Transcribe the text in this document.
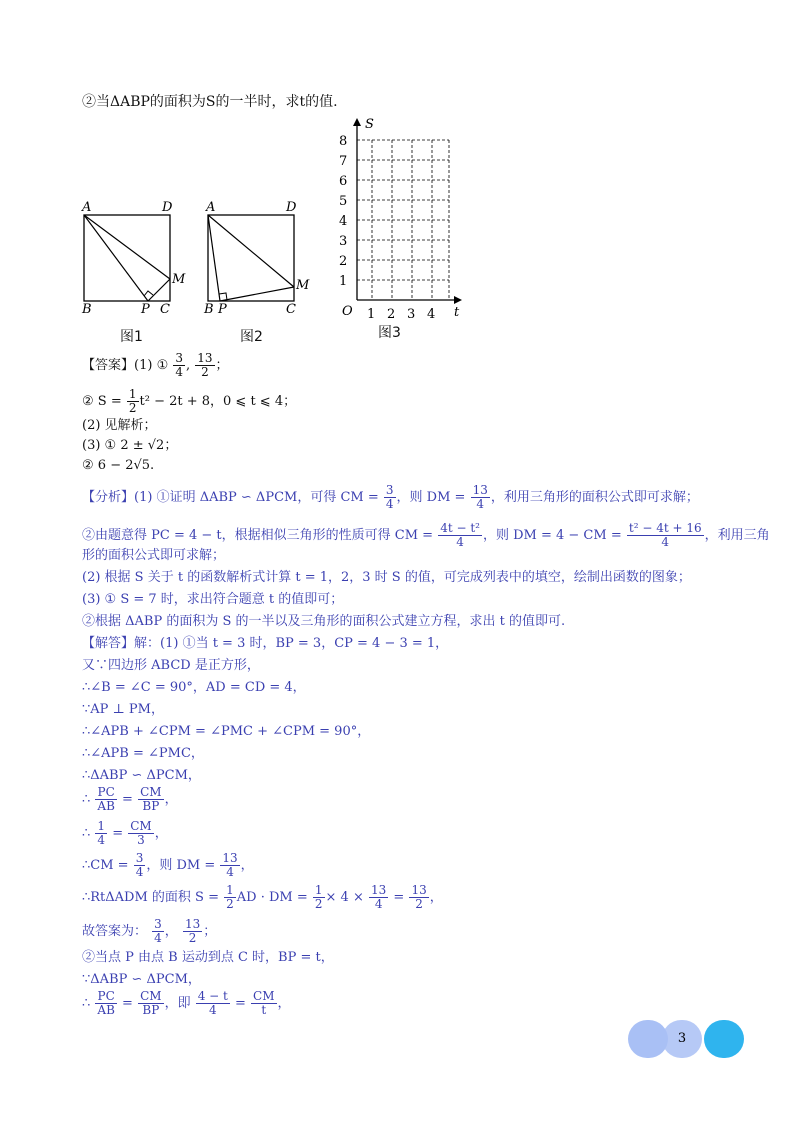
②当ΔABP的面积为S的一半时，求t的值.
A	D
B	P C
M
图1
A	D
B P	C
M
图2
S
t
O
1
2
3
4
5
6
7
8
1 2 3 4
图3
【答案】(1) ① $\frac{3}{4}$ , $\frac{13}{2}$ ；
② $S = \frac{1}{2} t^2 - 2t + 8$，0 ⩽ t ⩽ 4；
(2) 见解析；
(3) ① 2 ± √2；
② 6 − 2√5.
【分析】(1) ①证明 ΔABP ∽ ΔPCM，可得 CM = $\frac{3}{4}$ ，则 DM = $\frac{13}{4}$ ，利用三角形的面积公式即可求解；
②由题意得 PC = 4 − t，根据相似三角形的性质可得 CM = $\frac{\text{4t − t²}}{4}$ ，则 DM = 4 − CM = $\frac{\text{t² − 4t + 16}}{4}$ ，利用三角
形的面积公式即可求解；
(2) 根据 S 关于 t 的函数解析式计算 t = 1，2，3 时 S 的值，可完成列表中的填空，绘制出函数的图象；
(3) ① S = 7 时，求出符合题意 t 的值即可；
②根据 ΔABP 的面积为 S 的一半以及三角形的面积公式建立方程，求出 t 的值即可.
【解答】解：(1) ①当 t = 3 时，BP = 3，CP = 4 − 3 = 1，
又∵四边形 ABCD 是正方形，
∴∠B = ∠C = 90°，AD = CD = 4，
∵AP ⊥ PM，
∴∠APB + ∠CPM = ∠PMC + ∠CPM = 90°，
∴∠APB = ∠PMC，
∴ΔABP ∽ ΔPCM，
∴ $\frac{PC}{AB} = \frac{CM}{BP}$ ，
∴ $\frac{1}{4} = \frac{CM}{3}$ ，
∴CM = $\frac{3}{4}$ ，则 DM = $\frac{13}{4}$ ，
∴RtΔADM 的面积 $S = \frac{1}{2}$ AD · DM = $\frac{1}{2} \times 4 \times \frac{13}{4} = \frac{13}{2}$ ，
故答案为： $\frac{3}{4}$ ， $\frac{13}{2}$ ；
②当点 P 由点 B 运动到点 C 时，BP = t，
∵ΔABP ∽ ΔPCM，
∴ $\frac{PC}{AB} = \frac{CM}{BP}$ ，即 $\frac{4 - t}{4} = \frac{CM}{t}$ ，
3
